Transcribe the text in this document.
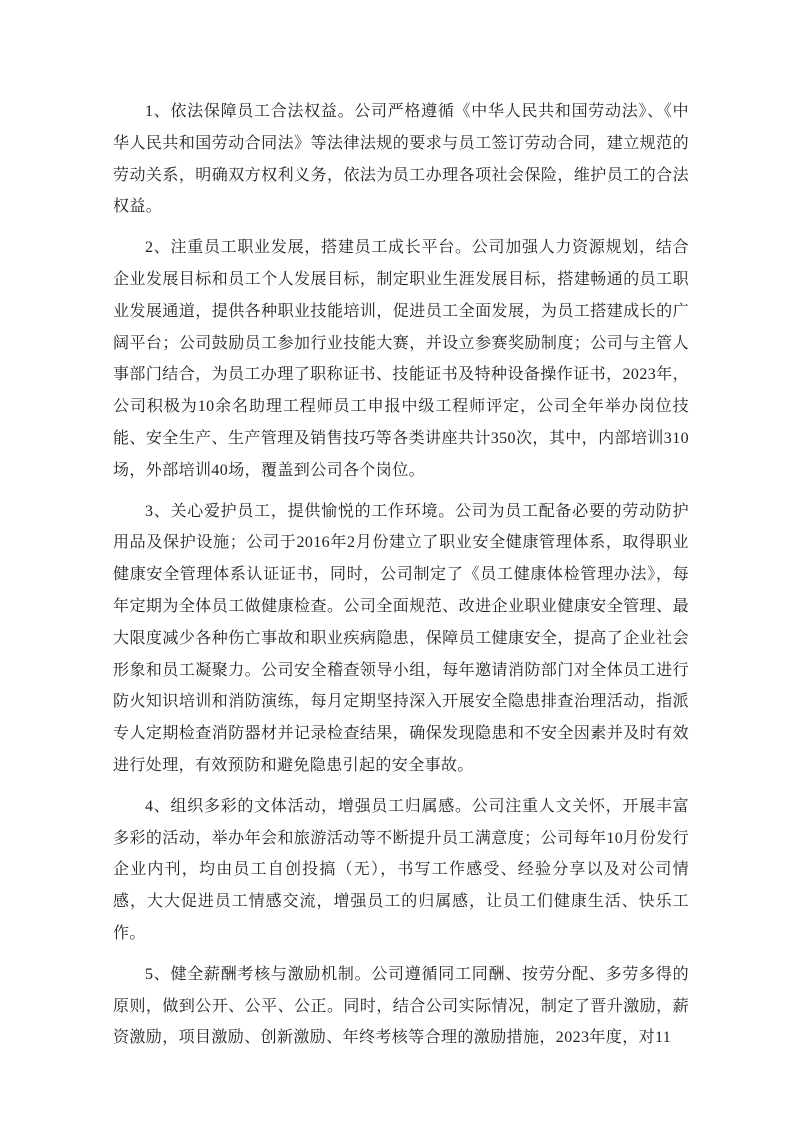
1、依法保障员工合法权益。公司严格遵循《中华人民共和国劳动法》、《中华人民共和国劳动合同法》等法律法规的要求与员工签订劳动合同，建立规范的劳动关系，明确双方权利义务，依法为员工办理各项社会保险，维护员工的合法权益。

2、注重员工职业发展，搭建员工成长平台。公司加强人力资源规划，结合企业发展目标和员工个人发展目标，制定职业生涯发展目标，搭建畅通的员工职业发展通道，提供各种职业技能培训，促进员工全面发展，为员工搭建成长的广阔平台；公司鼓励员工参加行业技能大赛，并设立参赛奖励制度；公司与主管人事部门结合，为员工办理了职称证书、技能证书及特种设备操作证书，2023年，公司积极为10余名助理工程师员工申报中级工程师评定，公司全年举办岗位技能、安全生产、生产管理及销售技巧等各类讲座共计350次，其中，内部培训310场，外部培训40场，覆盖到公司各个岗位。

3、关心爱护员工，提供愉悦的工作环境。公司为员工配备必要的劳动防护用品及保护设施；公司于2016年2月份建立了职业安全健康管理体系，取得职业健康安全管理体系认证证书，同时，公司制定了《员工健康体检管理办法》，每年定期为全体员工做健康检查。公司全面规范、改进企业职业健康安全管理、最大限度减少各种伤亡事故和职业疾病隐患，保障员工健康安全，提高了企业社会形象和员工凝聚力。公司安全稽查领导小组，每年邀请消防部门对全体员工进行防火知识培训和消防演练，每月定期坚持深入开展安全隐患排查治理活动，指派专人定期检查消防器材并记录检查结果，确保发现隐患和不安全因素并及时有效进行处理，有效预防和避免隐患引起的安全事故。

4、组织多彩的文体活动，增强员工归属感。公司注重人文关怀，开展丰富多彩的活动，举办年会和旅游活动等不断提升员工满意度；公司每年10月份发行企业内刊，均由员工自创投搞（无），书写工作感受、经验分享以及对公司情感，大大促进员工情感交流，增强员工的归属感，让员工们健康生活、快乐工作。

5、健全薪酬考核与激励机制。公司遵循同工同酬、按劳分配、多劳多得的原则，做到公开、公平、公正。同时，结合公司实际情况，制定了晋升激励，薪资激励，项目激励、创新激励、年终考核等合理的激励措施，2023年度，对11
